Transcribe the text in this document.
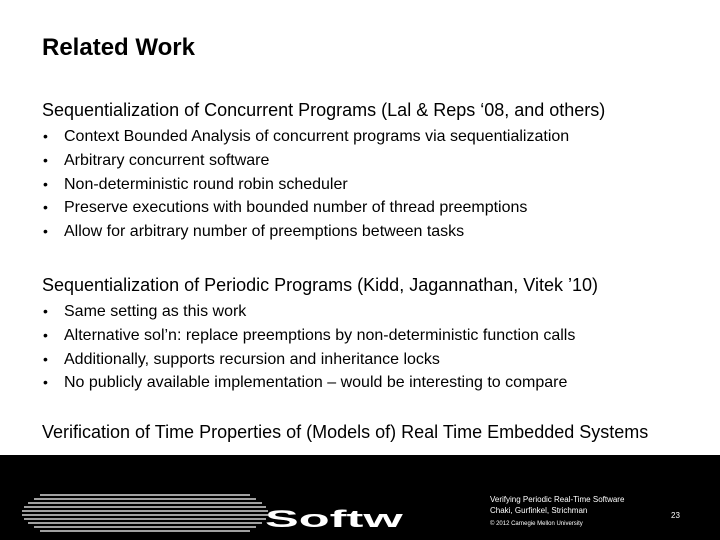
Related Work

Sequentialization of Concurrent Programs (Lal & Reps ‘08, and others)

• Context Bounded Analysis of concurrent programs via sequentialization
• Arbitrary concurrent software
• Non-deterministic round robin scheduler
• Preserve executions with bounded number of thread preemptions
• Allow for arbitrary number of preemptions between tasks

Sequentialization of Periodic Programs (Kidd, Jagannathan, Vitek ’10)

• Same setting as this work
• Alternative sol’n: replace preemptions by non-deterministic function calls
• Additionally, supports recursion and inheritance locks
• No publicly available implementation – would be interesting to compare

Verification of Time Properties of (Models of) Real Time Embedded Systems

Softw
Verifying Periodic Real-Time Software
Chaki, Gurfinkel, Strichman
© 2012 Carnegie Mellon University
23
